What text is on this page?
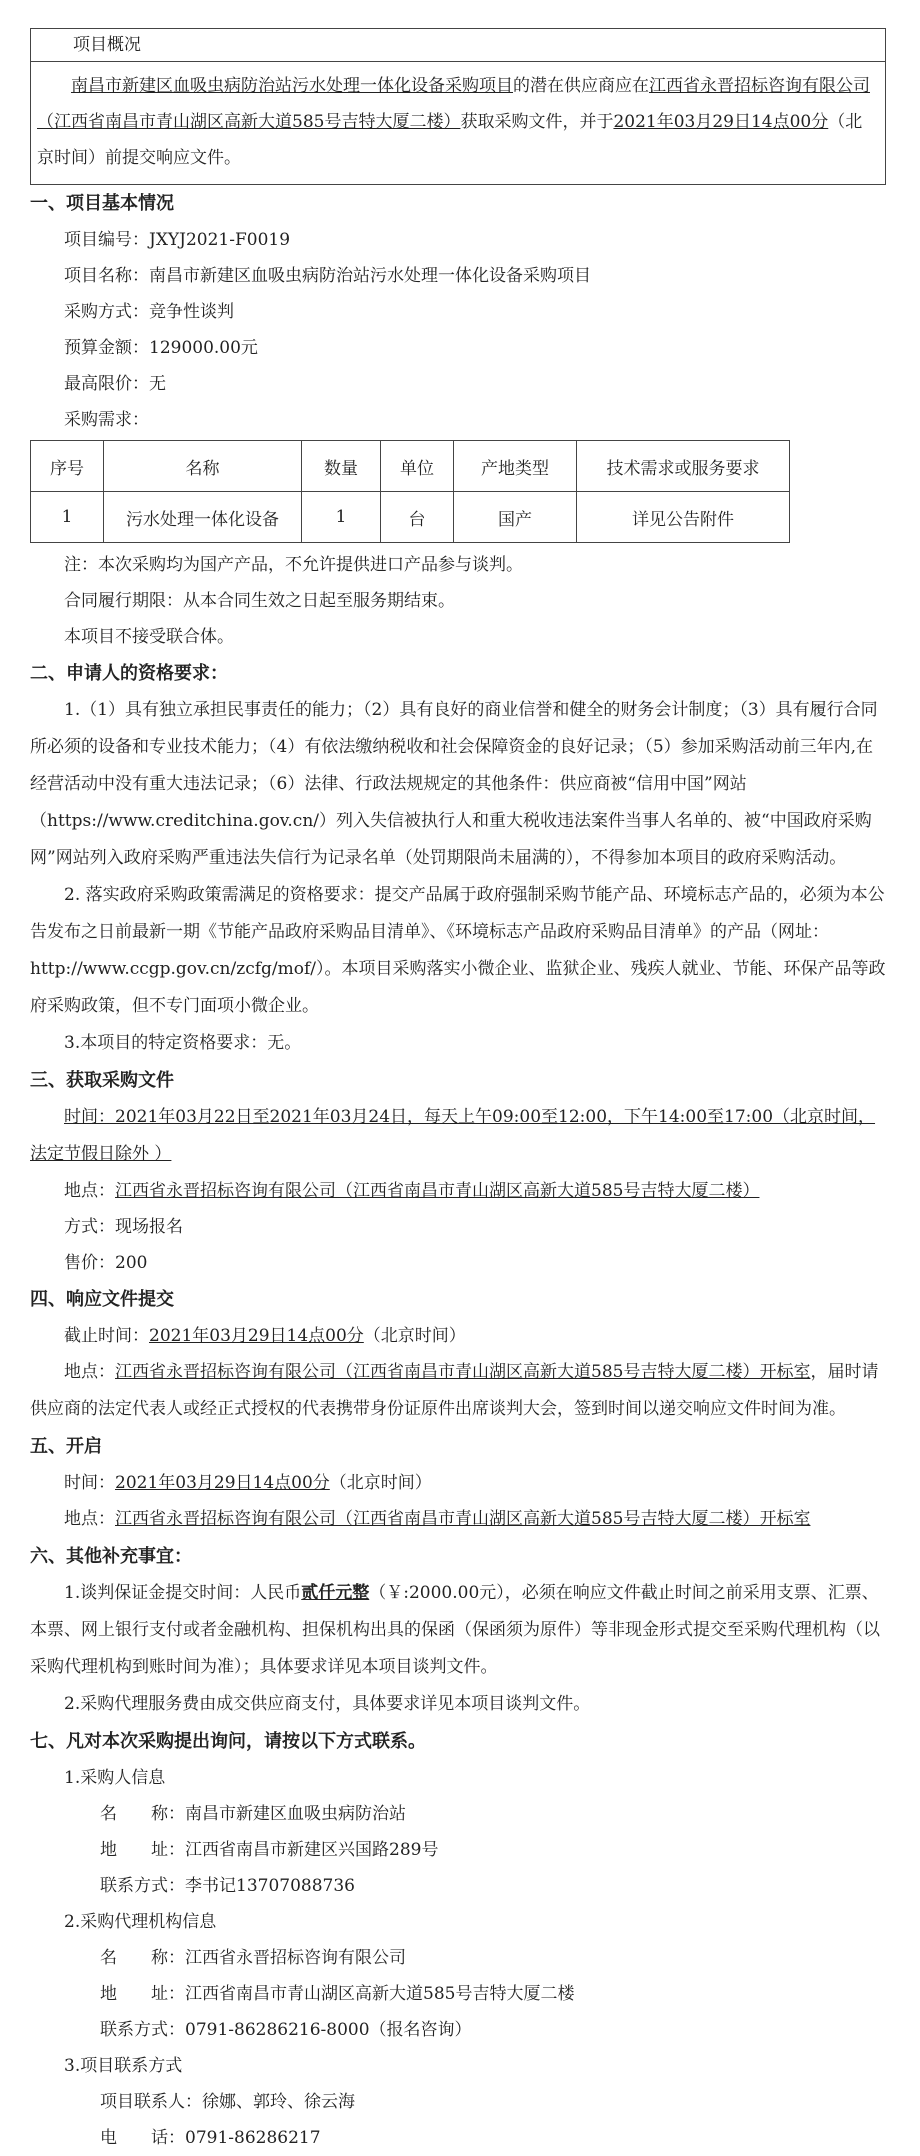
项目概况
南昌市新建区血吸虫病防治站污水处理一体化设备采购项目的潜在供应商应在江西省永晋招标咨询有限公司（江西省南昌市青山湖区高新大道585号吉特大厦二楼）获取采购文件，并于2021年03月29日14点00分（北京时间）前提交响应文件。
一、项目基本情况
项目编号：JXYJ2021-F0019
项目名称：南昌市新建区血吸虫病防治站污水处理一体化设备采购项目
采购方式：竞争性谈判
预算金额：129000.00元
最高限价：无
采购需求：
序号	名称	数量	单位	产地类型	技术需求或服务要求
1	污水处理一体化设备	1	台	国产	详见公告附件
注：本次采购均为国产产品，不允许提供进口产品参与谈判。
合同履行期限：从本合同生效之日起至服务期结束。
本项目不接受联合体。
二、申请人的资格要求：
1.（1）具有独立承担民事责任的能力；（2）具有良好的商业信誉和健全的财务会计制度；（3）具有履行合同所必须的设备和专业技术能力；（4）有依法缴纳税收和社会保障资金的良好记录；（5）参加采购活动前三年内,在经营活动中没有重大违法记录；（6）法律、行政法规规定的其他条件：供应商被“信用中国”网站（https://www.creditchina.gov.cn/）列入失信被执行人和重大税收违法案件当事人名单的、被“中国政府采购网”网站列入政府采购严重违法失信行为记录名单（处罚期限尚未届满的），不得参加本项目的政府采购活动。
2. 落实政府采购政策需满足的资格要求：提交产品属于政府强制采购节能产品、环境标志产品的，必须为本公告发布之日前最新一期《节能产品政府采购品目清单》、《环境标志产品政府采购品目清单》的产品（网址：http://www.ccgp.gov.cn/zcfg/mof/）。本项目采购落实小微企业、监狱企业、残疾人就业、节能、环保产品等政府采购政策，但不专门面项小微企业。
3.本项目的特定资格要求：无。
三、获取采购文件
时间：2021年03月22日至2021年03月24日，每天上午09:00至12:00，下午14:00至17:00（北京时间，法定节假日除外 ）
地点：江西省永晋招标咨询有限公司（江西省南昌市青山湖区高新大道585号吉特大厦二楼）
方式：现场报名
售价：200
四、响应文件提交
截止时间：2021年03月29日14点00分（北京时间）
地点：江西省永晋招标咨询有限公司（江西省南昌市青山湖区高新大道585号吉特大厦二楼）开标室，届时请供应商的法定代表人或经正式授权的代表携带身份证原件出席谈判大会，签到时间以递交响应文件时间为准。
五、开启
时间：2021年03月29日14点00分（北京时间）
地点：江西省永晋招标咨询有限公司（江西省南昌市青山湖区高新大道585号吉特大厦二楼）开标室
六、其他补充事宜：
1.谈判保证金提交时间：人民币贰仟元整（￥:2000.00元），必须在响应文件截止时间之前采用支票、汇票、本票、网上银行支付或者金融机构、担保机构出具的保函（保函须为原件）等非现金形式提交至采购代理机构（以采购代理机构到账时间为准）；具体要求详见本项目谈判文件。
2.采购代理服务费由成交供应商支付，具体要求详见本项目谈判文件。
七、凡对本次采购提出询问，请按以下方式联系。
1.采购人信息
名　　称：南昌市新建区血吸虫病防治站
地　　址：江西省南昌市新建区兴国路289号
联系方式：李书记13707088736
2.采购代理机构信息
名　　称：江西省永晋招标咨询有限公司
地　　址：江西省南昌市青山湖区高新大道585号吉特大厦二楼
联系方式：0791-86286216-8000（报名咨询）
3.项目联系方式
项目联系人：徐娜、郭玲、徐云海
电　　话：0791-86286217
